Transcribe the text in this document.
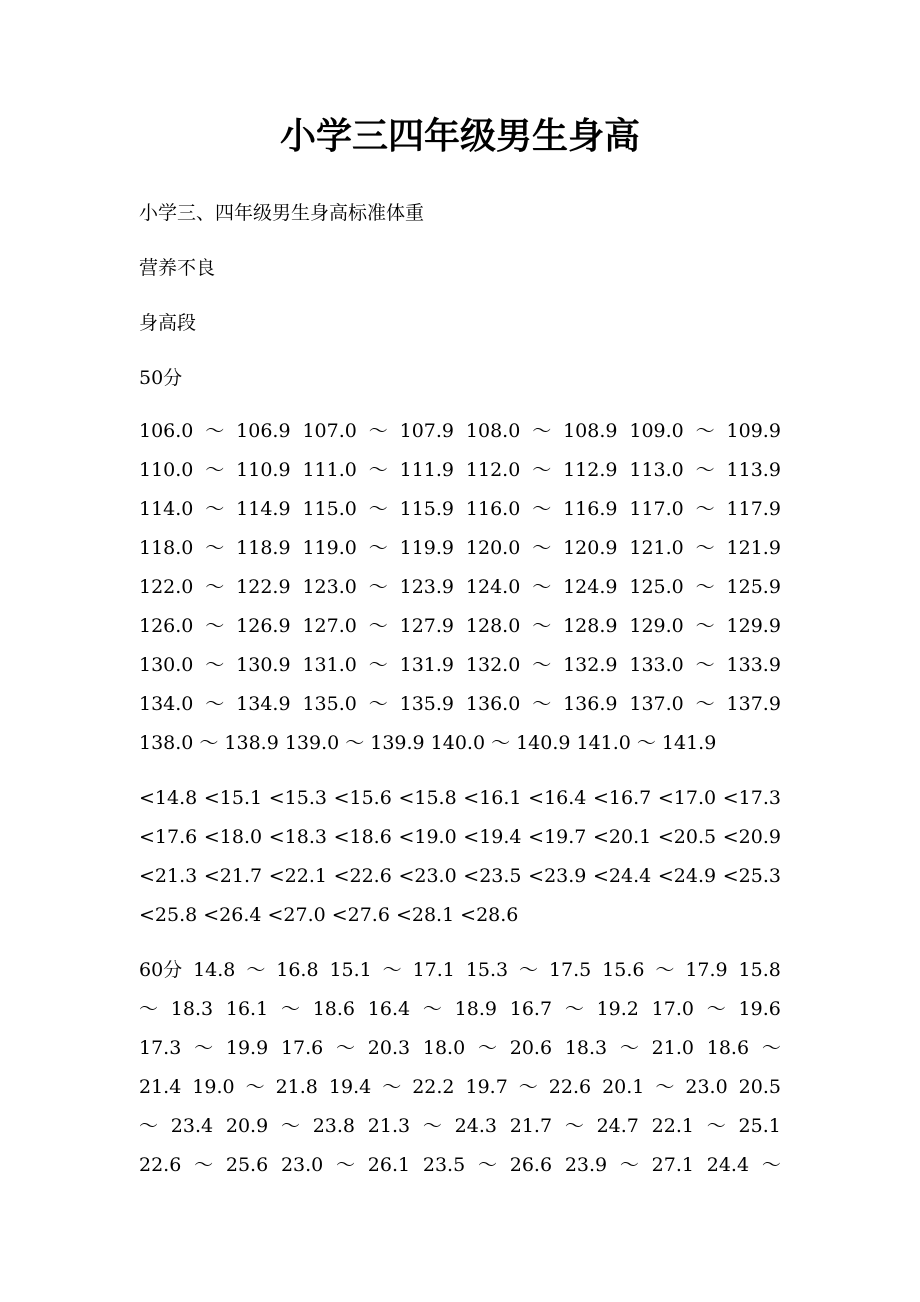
小学三四年级男生身高

小学三、四年级男生身高标准体重

营养不良

身高段

50分

106.0 ～ 106.9 107.0 ～ 107.9 108.0 ～ 108.9 109.0 ～ 109.9
110.0 ～ 110.9 111.0 ～ 111.9 112.0 ～ 112.9 113.0 ～ 113.9
114.0 ～ 114.9 115.0 ～ 115.9 116.0 ～ 116.9 117.0 ～ 117.9
118.0 ～ 118.9 119.0 ～ 119.9 120.0 ～ 120.9 121.0 ～ 121.9
122.0 ～ 122.9 123.0 ～ 123.9 124.0 ～ 124.9 125.0 ～ 125.9
126.0 ～ 126.9 127.0 ～ 127.9 128.0 ～ 128.9 129.0 ～ 129.9
130.0 ～ 130.9 131.0 ～ 131.9 132.0 ～ 132.9 133.0 ～ 133.9
134.0 ～ 134.9 135.0 ～ 135.9 136.0 ～ 136.9 137.0 ～ 137.9
138.0 ～ 138.9 139.0 ～ 139.9 140.0 ～ 140.9 141.0 ～ 141.9
<14.8 <15.1 <15.3 <15.6 <15.8 <16.1 <16.4 <16.7 <17.0 <17.3
<17.6 <18.0 <18.3 <18.6 <19.0 <19.4 <19.7 <20.1 <20.5 <20.9
<21.3 <21.7 <22.1 <22.6 <23.0 <23.5 <23.9 <24.4 <24.9 <25.3
<25.8 <26.4 <27.0 <27.6 <28.1 <28.6
60分 14.8 ～ 16.8 15.1 ～ 17.1 15.3 ～ 17.5 15.6 ～ 17.9 15.8
～ 18.3 16.1 ～ 18.6 16.4 ～ 18.9 16.7 ～ 19.2 17.0 ～ 19.6
17.3 ～ 19.9 17.6 ～ 20.3 18.0 ～ 20.6 18.3 ～ 21.0 18.6 ～
21.4 19.0 ～ 21.8 19.4 ～ 22.2 19.7 ～ 22.6 20.1 ～ 23.0 20.5
～ 23.4 20.9 ～ 23.8 21.3 ～ 24.3 21.7 ～ 24.7 22.1 ～ 25.1
22.6 ～ 25.6 23.0 ～ 26.1 23.5 ～ 26.6 23.9 ～ 27.1 24.4 ～
